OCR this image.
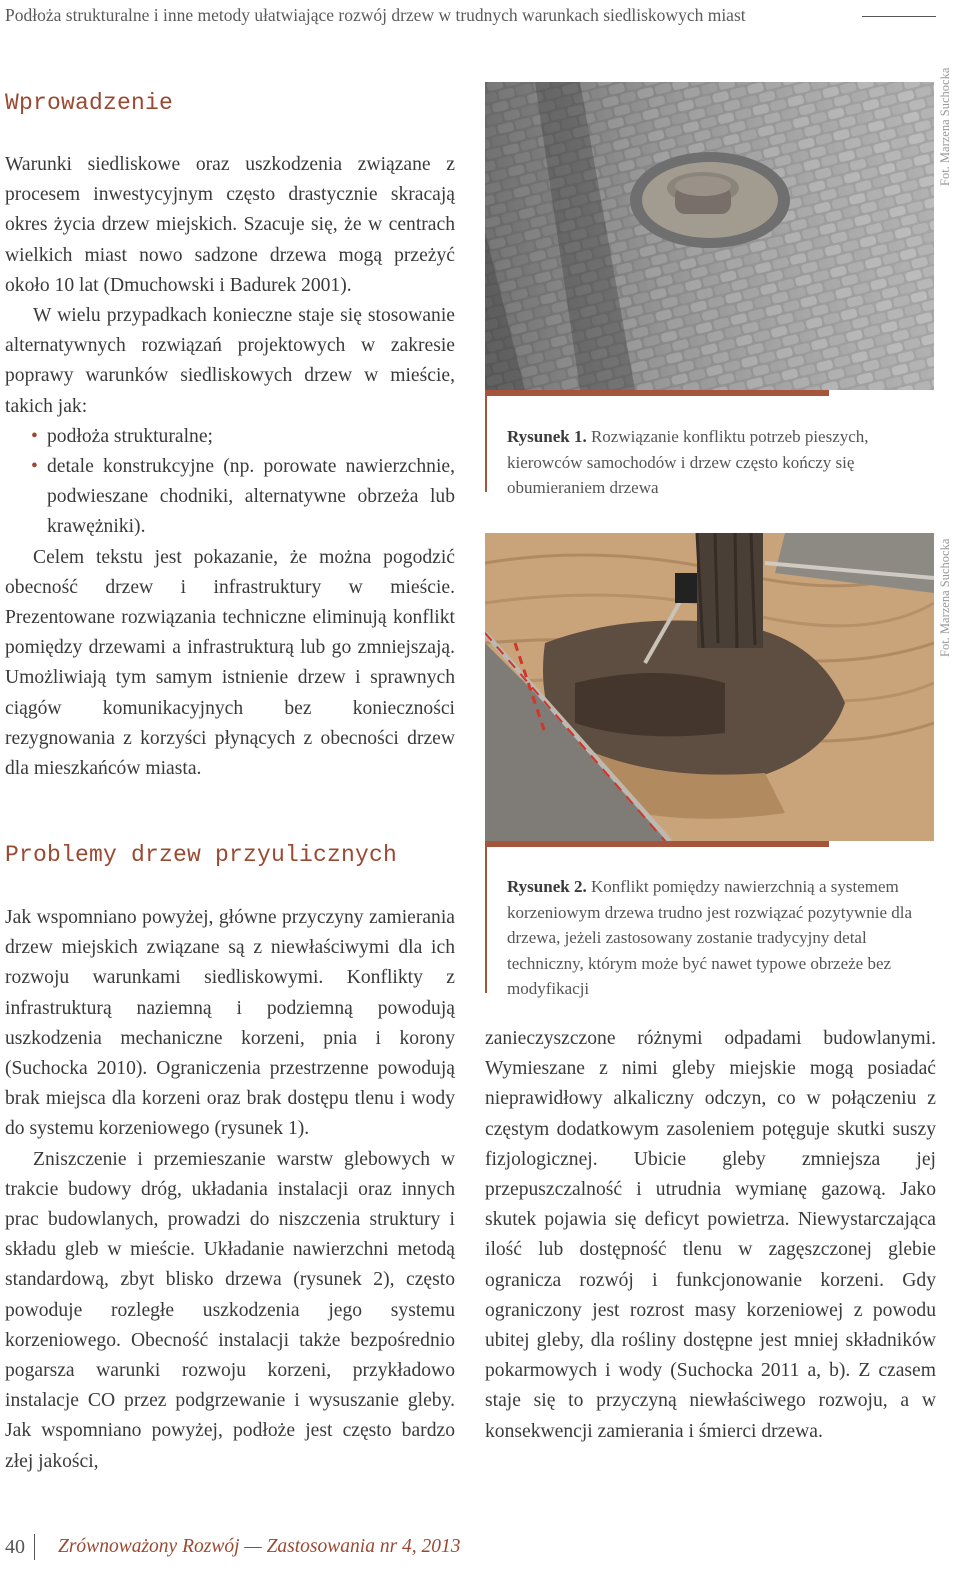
Podłoża strukturalne i inne metody ułatwiające rozwój drzew w trudnych warunkach siedliskowych miast
Wprowadzenie

Warunki siedliskowe oraz uszkodzenia związane z procesem inwestycyjnym często drastycznie skracają okres życia drzew miejskich. Szacuje się, że w centrach wielkich miast nowo sadzone drzewa mogą przeżyć około 10 lat (Dmuchowski i Badurek 2001).

W wielu przypadkach konieczne staje się stosowanie alternatywnych rozwiązań projektowych w zakresie poprawy warunków siedliskowych drzew w mieście, takich jak:

• podłoża strukturalne;
• detale konstrukcyjne (np. porowate nawierzchnie, podwieszane chodniki, alternatywne obrzeża lub krawężniki).

Celem tekstu jest pokazanie, że można pogodzić obecność drzew i infrastruktury w mieście. Prezentowane rozwiązania techniczne eliminują konflikt pomiędzy drzewami a infrastrukturą lub go zmniejszają. Umożliwiają tym samym istnienie drzew i sprawnych ciągów komunikacyjnych bez konieczności rezygnowania z korzyści płynących z obecności drzew dla mieszkańców miasta.

Problemy drzew przyulicznych

Jak wspomniano powyżej, główne przyczyny zamierania drzew miejskich związane są z niewłaściwymi dla ich rozwoju warunkami siedliskowymi. Konflikty z infrastrukturą naziemną i podziemną powodują uszkodzenia mechaniczne korzeni, pnia i korony (Suchocka 2010). Ograniczenia przestrzenne powodują brak miejsca dla korzeni oraz brak dostępu tlenu i wody do systemu korzeniowego (rysunek 1).

Zniszczenie i przemieszanie warstw glebowych w trakcie budowy dróg, układania instalacji oraz innych prac budowlanych, prowadzi do niszczenia struktury i składu gleb w mieście. Układanie nawierzchni metodą standardową, zbyt blisko drzewa (rysunek 2), często powoduje rozległe uszkodzenia jego systemu korzeniowego. Obecność instalacji także bezpośrednio pogarsza warunki rozwoju korzeni, przykładowo instalacje CO przez podgrzewanie i wysuszanie gleby. Jak wspomniano powyżej, podłoże jest często bardzo złej jakości,

zanieczyszczone różnymi odpadami budowlanymi. Wymieszane z nimi gleby miejskie mogą posiadać nieprawidłowy alkaliczny odczyn, co w połączeniu z częstym dodatkowym zasoleniem potęguje skutki suszy fizjologicznej. Ubicie gleby zmniejsza jej przepuszczalność i utrudnia wymianę gazową. Jako skutek pojawia się deficyt powietrza. Niewystarczająca ilość lub dostępność tlenu w zagęszczonej glebie ogranicza rozwój i funkcjonowanie korzeni. Gdy ograniczony jest rozrost masy korzeniowej z powodu ubitej gleby, dla rośliny dostępne jest mniej składników pokarmowych i wody (Suchocka 2011 a, b). Z czasem staje się to przyczyną niewłaściwego rozwoju, a w konsekwencji zamierania i śmierci drzewa.

Fot. Marzena Suchocka
Rysunek 1. Rozwiązanie konfliktu potrzeb pieszych, kierowców samochodów i drzew często kończy się obumieraniem drzewa
Fot. Marzena Suchocka
Rysunek 2. Konflikt pomiędzy nawierzchnią a systemem korzeniowym drzewa trudno jest rozwiązać pozytywnie dla drzewa, jeżeli zastosowany zostanie tradycyjny detal techniczny, którym może być nawet typowe obrzeże bez modyfikacji
40 Zrównoważony Rozwój — Zastosowania nr 4, 2013
